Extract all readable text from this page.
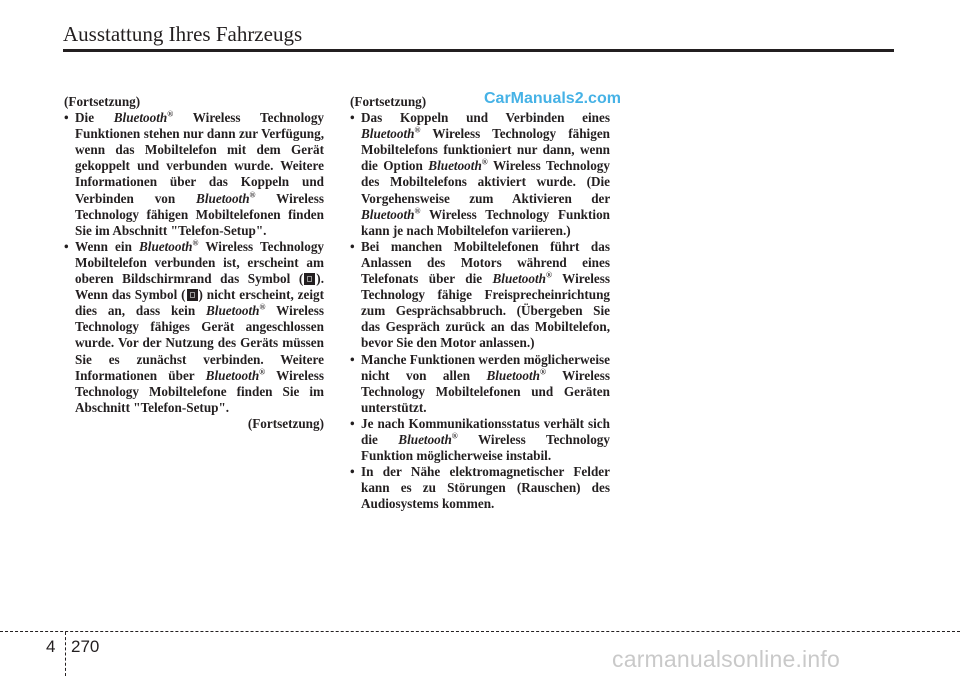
Ausstattung Ihres Fahrzeugs
CarManuals2.com
(Fortsetzung)
• Die Bluetooth® Wireless Technology Funktionen stehen nur dann zur Verfügung, wenn das Mobiltelefon mit dem Gerät gekoppelt und verbunden wurde. Weitere Informationen über das Koppeln und Verbinden von Bluetooth® Wireless Technology fähigen Mobiltelefonen finden Sie im Abschnitt "Telefon-Setup".
• Wenn ein Bluetooth® Wireless Technology Mobiltelefon verbunden ist, erscheint am oberen Bildschirmrand das Symbol ( ). Wenn das Symbol ( ) nicht erscheint, zeigt dies an, dass kein Bluetooth® Wireless Technology fähiges Gerät angeschlossen wurde. Vor der Nutzung des Geräts müssen Sie es zunächst verbinden. Weitere Informationen über Bluetooth® Wireless Technology Mobiltelefone finden Sie im Abschnitt "Telefon-Setup".
(Fortsetzung)
(Fortsetzung)
• Das Koppeln und Verbinden eines Bluetooth® Wireless Technology fähigen Mobiltelefons funktioniert nur dann, wenn die Option Bluetooth® Wireless Technology des Mobiltelefons aktiviert wurde. (Die Vorgehensweise zum Aktivieren der Bluetooth® Wireless Technology Funktion kann je nach Mobiltelefon variieren.)
• Bei manchen Mobiltelefonen führt das Anlassen des Motors während eines Telefonats über die Bluetooth® Wireless Technology fähige Freisprecheinrichtung zum Gesprächsabbruch. (Übergeben Sie das Gespräch zurück an das Mobiltelefon, bevor Sie den Motor anlassen.)
• Manche Funktionen werden möglicherweise nicht von allen Bluetooth® Wireless Technology Mobiltelefonen und Geräten unterstützt.
• Je nach Kommunikationsstatus verhält sich die Bluetooth® Wireless Technology Funktion möglicherweise instabil.
• In der Nähe elektromagnetischer Felder kann es zu Störungen (Rauschen) des Audiosystems kommen.
4 270	carmanualsonline.info
